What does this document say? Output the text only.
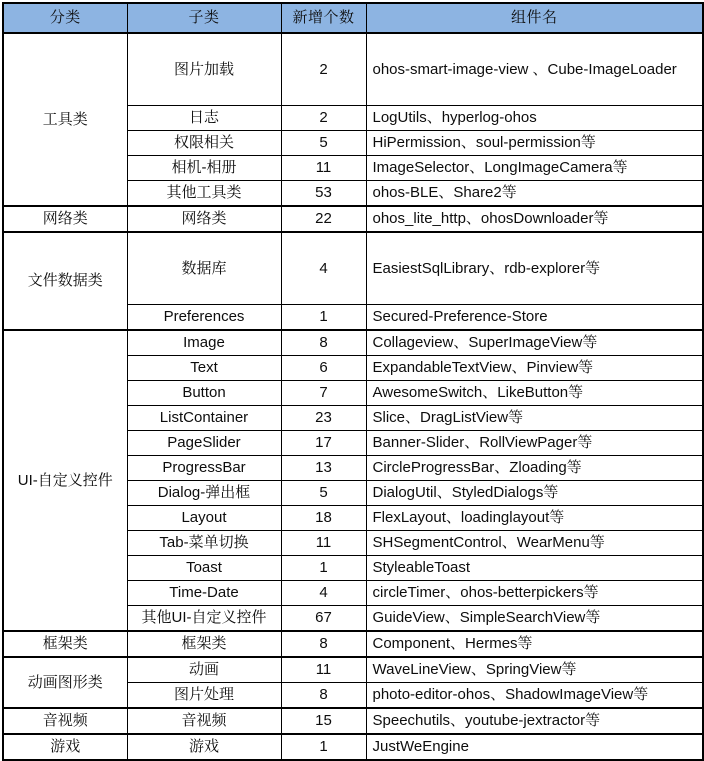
分类	子类	新增个数	组件名
工具类	图片加载	2	ohos-smart-image-view 、Cube-ImageLoader
	日志	2	LogUtils、hyperlog-ohos
	权限相关	5	HiPermission、soul-permission等
	相机-相册	11	ImageSelector、LongImageCamera等
	其他工具类	53	ohos-BLE、Share2等
网络类	网络类	22	ohos_lite_http、ohosDownloader等
文件数据类	数据库	4	EasiestSqlLibrary、rdb-explorer等
	Preferences	1	Secured-Preference-Store
UI-自定义控件	Image	8	Collageview、SuperImageView等
	Text	6	ExpandableTextView、Pinview等
	Button	7	AwesomeSwitch、LikeButton等
	ListContainer	23	Slice、DragListView等
	PageSlider	17	Banner-Slider、RollViewPager等
	ProgressBar	13	CircleProgressBar、Zloading等
	Dialog-弹出框	5	DialogUtil、StyledDialogs等
	Layout	18	FlexLayout、loadinglayout等
	Tab-菜单切换	11	SHSegmentControl、WearMenu等
	Toast	1	StyleableToast
	Time-Date	4	circleTimer、ohos-betterpickers等
	其他UI-自定义控件	67	GuideView、SimpleSearchView等
框架类	框架类	8	Component、Hermes等
动画图形类	动画	11	WaveLineView、SpringView等
	图片处理	8	photo-editor-ohos、ShadowImageView等
音视频	音视频	15	Speechutils、youtube-jextractor等
游戏	游戏	1	JustWeEngine
